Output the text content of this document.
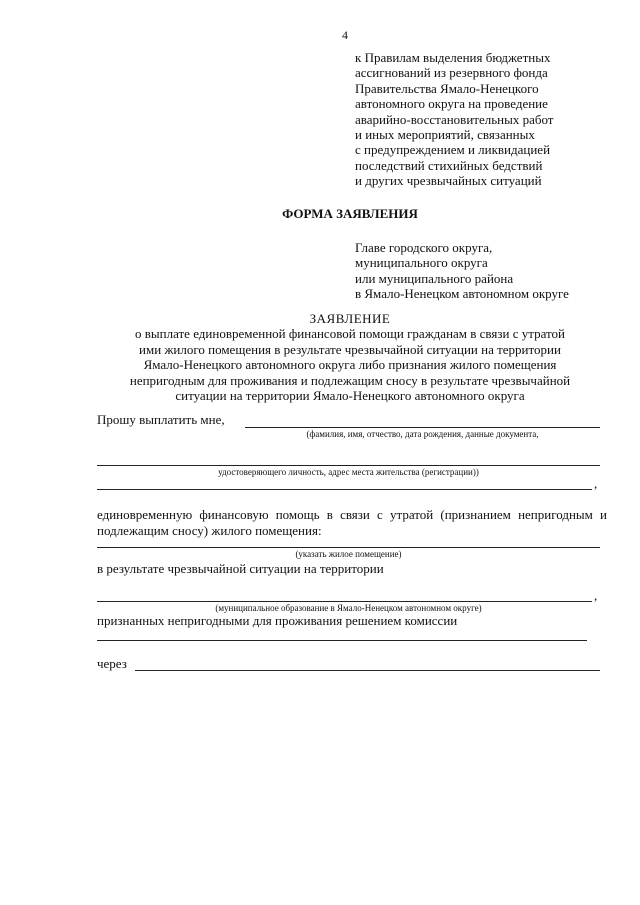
4
к Правилам выделения бюджетных
ассигнований из резервного фонда
Правительства Ямало-Ненецкого
автономного округа на проведение
аварийно-восстановительных работ
и иных мероприятий, связанных
с предупреждением и ликвидацией
последствий стихийных бедствий
и других чрезвычайных ситуаций
ФОРМА ЗАЯВЛЕНИЯ
Главе городского округа,
муниципального округа
или муниципального района
в Ямало-Ненецком автономном округе
ЗАЯВЛЕНИЕ
о выплате единовременной финансовой помощи гражданам в связи с утратой
ими жилого помещения в результате чрезвычайной ситуации на территории
Ямало-Ненецкого автономного округа либо признания жилого помещения
непригодным для проживания и подлежащим сносу в результате чрезвычайной
ситуации на территории Ямало-Ненецкого автономного округа
Прошу выплатить мне,
(фамилия, имя, отчество, дата рождения, данные документа,
удостоверяющего личность, адрес места жительства (регистрации))
,
единовременную финансовую помощь в связи с утратой (признанием непригодным и подлежащим сносу) жилого помещения:
(указать жилое помещение)
в результате чрезвычайной ситуации на территории
,
(муниципальное образование в Ямало-Ненецком автономном округе)
признанных непригодными для проживания решением комиссии
через
